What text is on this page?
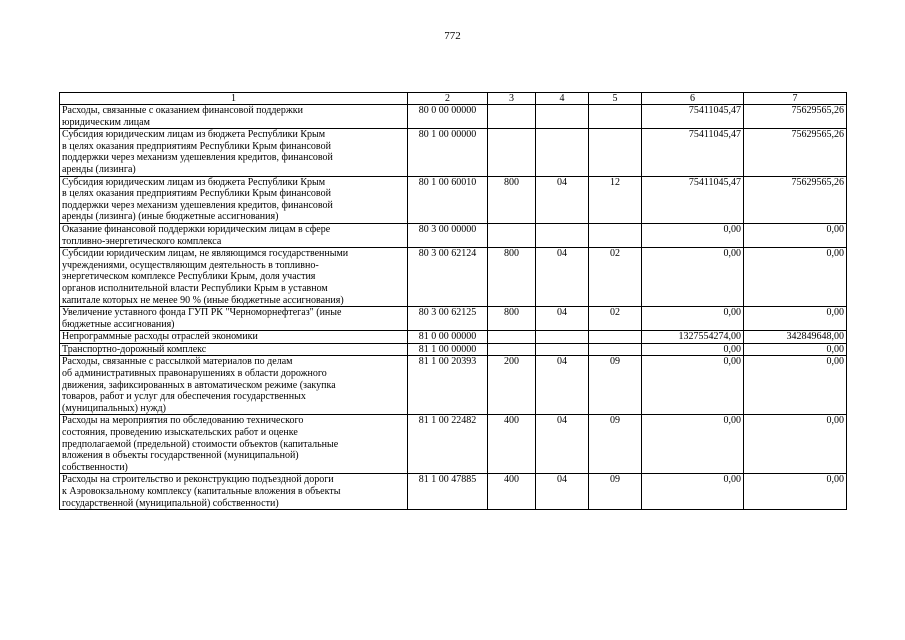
772
1	2	3	4	5	6	7
Расходы, связанные с оказанием финансовой поддержки
юридическим лицам	80 0 00 00000				75411045,47	75629565,26
Субсидия юридическим лицам из бюджета Республики Крым
в целях оказания предприятиям Республики Крым финансовой
поддержки через механизм удешевления кредитов, финансовой
аренды (лизинга)	80 1 00 00000				75411045,47	75629565,26
Субсидия юридическим лицам из бюджета Республики Крым
в целях оказания предприятиям Республики Крым финансовой
поддержки через механизм удешевления кредитов, финансовой
аренды (лизинга) (иные бюджетные ассигнования)	80 1 00 60010	800	04	12	75411045,47	75629565,26
Оказание финансовой поддержки юридическим лицам в сфере
топливно-энергетического комплекса	80 3 00 00000				0,00	0,00
Субсидии юридическим лицам, не являющимся государственными
учреждениями, осуществляющим деятельность в топливно-
энергетическом комплексе Республики Крым, доля участия
органов исполнительной власти Республики Крым в уставном
капитале которых не менее 90 % (иные бюджетные ассигнования)	80 3 00 62124	800	04	02	0,00	0,00
Увеличение уставного фонда ГУП РК "Черноморнефтегаз" (иные
бюджетные ассигнования)	80 3 00 62125	800	04	02	0,00	0,00
Непрограммные расходы отраслей экономики	81 0 00 00000				1327554274,00	342849648,00
Транспортно-дорожный комплекс	81 1 00 00000				0,00	0,00
Расходы, связанные с рассылкой материалов по делам
об административных правонарушениях в области дорожного
движения, зафиксированных в автоматическом режиме (закупка
товаров, работ и услуг для обеспечения государственных
(муниципальных) нужд)	81 1 00 20393	200	04	09	0,00	0,00
Расходы на мероприятия по обследованию технического
состояния, проведению изыскательских работ и оценке
предполагаемой (предельной) стоимости объектов (капитальные
вложения в объекты государственной (муниципальной)
собственности)	81 1 00 22482	400	04	09	0,00	0,00
Расходы на строительство и реконструкцию подъездной дороги
к Аэровокзальному комплексу (капитальные вложения в объекты
государственной (муниципальной) собственности)	81 1 00 47885	400	04	09	0,00	0,00
